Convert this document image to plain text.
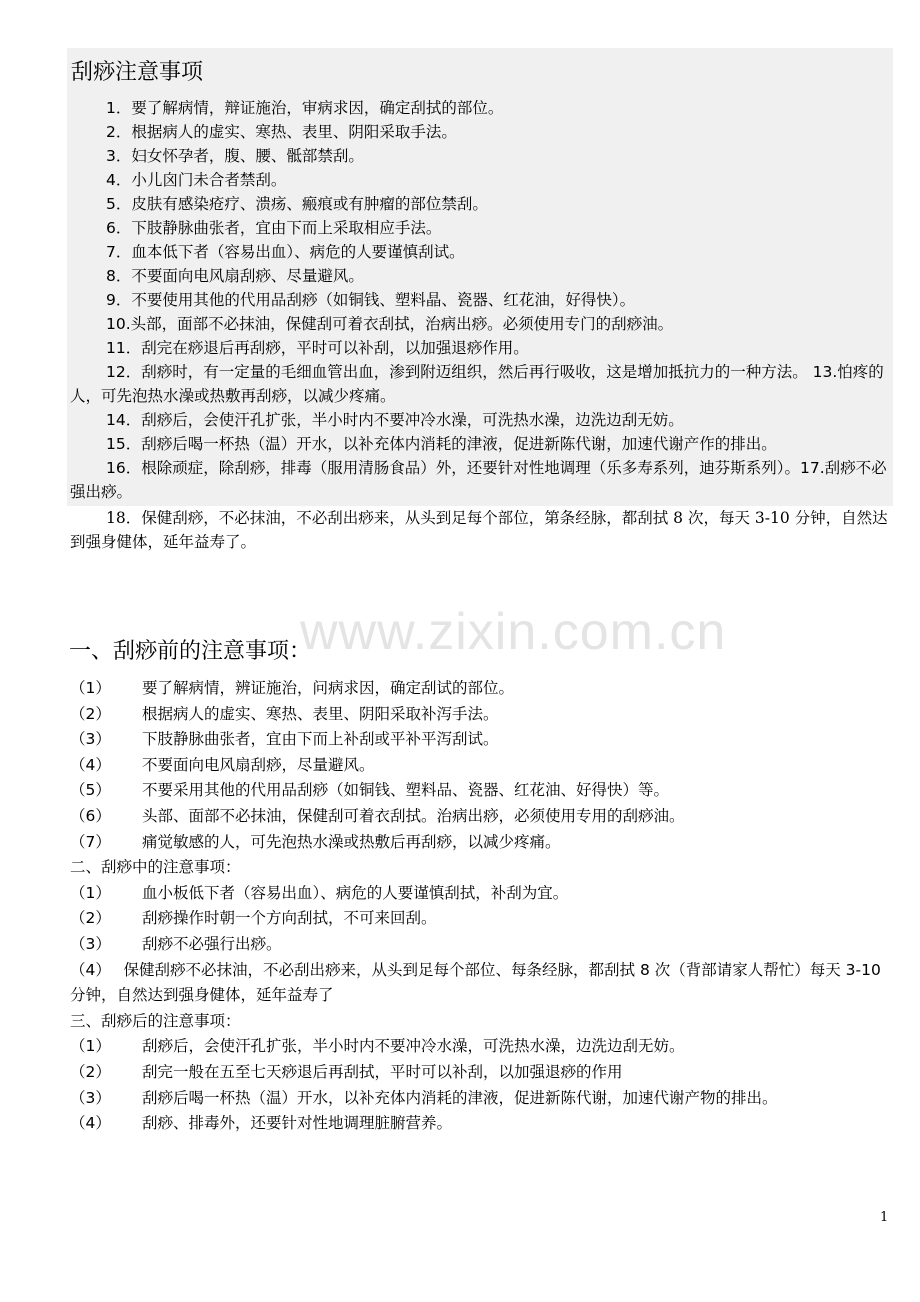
刮痧注意事项

1．要了解病情，辩证施治，审病求因，确定刮拭的部位。

2．根据病人的虚实、寒热、表里、阴阳采取手法。

3．妇女怀孕者，腹、腰、骶部禁刮。

4．小儿囟门未合者禁刮。

5．皮肤有感染疮疗、溃疡、瘢痕或有肿瘤的部位禁刮。

6．下肢静脉曲张者，宜由下而上采取相应手法。

7．血本低下者（容易出血）、病危的人要谨慎刮试。

8．不要面向电风扇刮痧、尽量避风。

9．不要使用其他的代用品刮痧（如铜钱、塑料晶、瓷器、红花油，好得快）。

10.头部，面部不必抹油，保健刮可着衣刮拭，治病出痧。必须使用专门的刮痧油。

11．刮完在痧退后再刮痧，平时可以补刮，以加强退痧作用。

12．刮痧时，有一定量的毛细血管出血，渗到附迈组织，然后再行吸收，这是增加抵抗力的一种方法。 13.怕疼的人，可先泡热水澡或热敷再刮痧，以减少疼痛。

14．刮痧后，会使汗孔扩张，半小时内不要冲冷水澡，可洗热水澡，边洗边刮无妨。

15．刮痧后喝一杯热（温）开水，以补充体内消耗的津液，促进新陈代谢，加速代谢产作的排出。

16．根除顽症，除刮痧，排毒（服用清肠食品）外，还要针对性地调理（乐多寿系列，迪芬斯系列）。17.刮痧不必强出痧。

18．保健刮痧，不必抹油，不必刮出痧来，从头到足每个部位，第条经脉，都刮拭 8 次，每天 3-10 分钟，自然达到强身健体，延年益寿了。

www.zixin.com.cn
一、刮痧前的注意事项：
（1）	要了解病情，辨证施治，问病求因，确定刮试的部位。
（2）	根据病人的虚实、寒热、表里、阴阳采取补泻手法。
（3）	下肢静脉曲张者，宜由下而上补刮或平补平泻刮试。
（4）	不要面向电风扇刮痧，尽量避风。
（5）	不要采用其他的代用品刮痧（如铜钱、塑料品、瓷器、红花油、好得快）等。
（6）	头部、面部不必抹油，保健刮可着衣刮拭。治病出痧，必须使用专用的刮痧油。
（7）	痛觉敏感的人，可先泡热水澡或热敷后再刮痧，以减少疼痛。

二、刮痧中的注意事项：

（1）	血小板低下者（容易出血）、病危的人要谨慎刮拭，补刮为宜。
（2）	刮痧操作时朝一个方向刮拭，不可来回刮。
（3）	刮痧不必强行出痧。

（4）　 保健刮痧不必抹油，不必刮出痧来，从头到足每个部位、每条经脉，都刮拭 8 次（背部请家人帮忙）每天 3-10 分钟，自然达到强身健体，延年益寿了

三、刮痧后的注意事项：

（1）	刮痧后，会使汗孔扩张，半小时内不要冲冷水澡，可洗热水澡，边洗边刮无妨。
（2）	刮完一般在五至七天痧退后再刮拭，平时可以补刮，以加强退痧的作用
（3）	刮痧后喝一杯热（温）开水，以补充体内消耗的津液，促进新陈代谢，加速代谢产物的排出。
（4）	刮痧、排毒外，还要针对性地调理脏腑营养。
1
